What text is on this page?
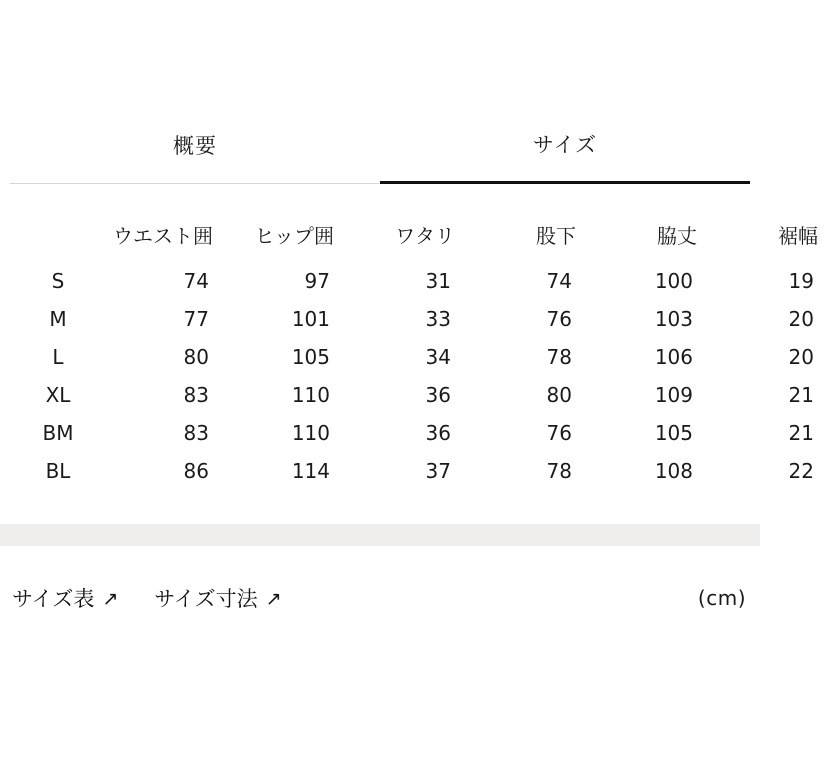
概要	サイズ
	ウエスト囲	ヒップ囲	ワタリ	股下	脇丈	裾幅
S	74	97	31	74	100	19
M	77	101	33	76	103	20
L	80	105	34	78	106	20
XL	83	110	36	80	109	21
BM	83	110	36	76	105	21
BL	86	114	37	78	108	22
サイズ表 ↗ サイズ寸法 ↗	(cm)
